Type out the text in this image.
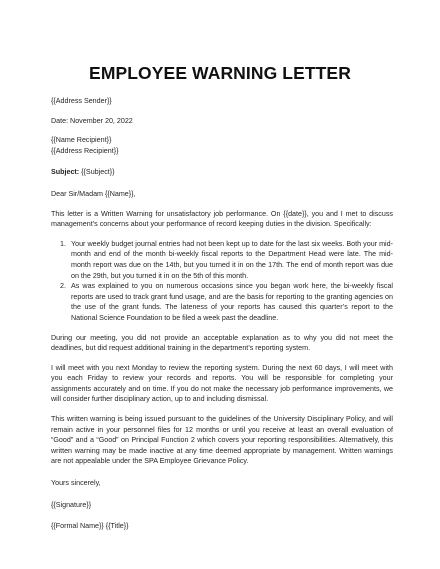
EMPLOYEE WARNING LETTER

{{Address Sender}}

Date: November 20, 2022

{{Name Recipient}}

{{Address Recipient}}

Subject: {{Subject}}

Dear Sir/Madam {{Name}},

This letter is a Written Warning for unsatisfactory job performance. On {{date}}, you and I met to discuss management’s concerns about your performance of record keeping duties in the division. Specifically:

1. Your weekly budget journal entries had not been kept up to date for the last six weeks. Both your mid-month and end of the month bi-weekly fiscal reports to the Department Head were late. The mid-month report was due on the 14th, but you turned it in on the 17th. The end of month report was due on the 29th, but you turned it in on the 5th of this month.
2. As was explained to you on numerous occasions since you began work here, the bi-weekly fiscal reports are used to track grant fund usage, and are the basis for reporting to the granting agencies on the use of the grant funds. The lateness of your reports has caused this quarter’s report to the National Science Foundation to be filed a week past the deadline.

During our meeting, you did not provide an acceptable explanation as to why you did not meet the deadlines, but did request additional training in the department’s reporting system.

I will meet with you next Monday to review the reporting system. During the next 60 days, I will meet with you each Friday to review your records and reports. You will be responsible for completing your assignments accurately and on time. If you do not make the necessary job performance improvements, we will consider further disciplinary action, up to and including dismissal.

This written warning is being issued pursuant to the guidelines of the University Disciplinary Policy, and will remain active in your personnel files for 12 months or until you receive at least an overall evaluation of “Good” and a “Good” on Principal Function 2 which covers your reporting responsibilities. Alternatively, this written warning may be made inactive at any time deemed appropriate by management. Written warnings are not appealable under the SPA Employee Grievance Policy.

Yours sincerely,

{{Signature}}

{{Formal Name}} {{Title}}
